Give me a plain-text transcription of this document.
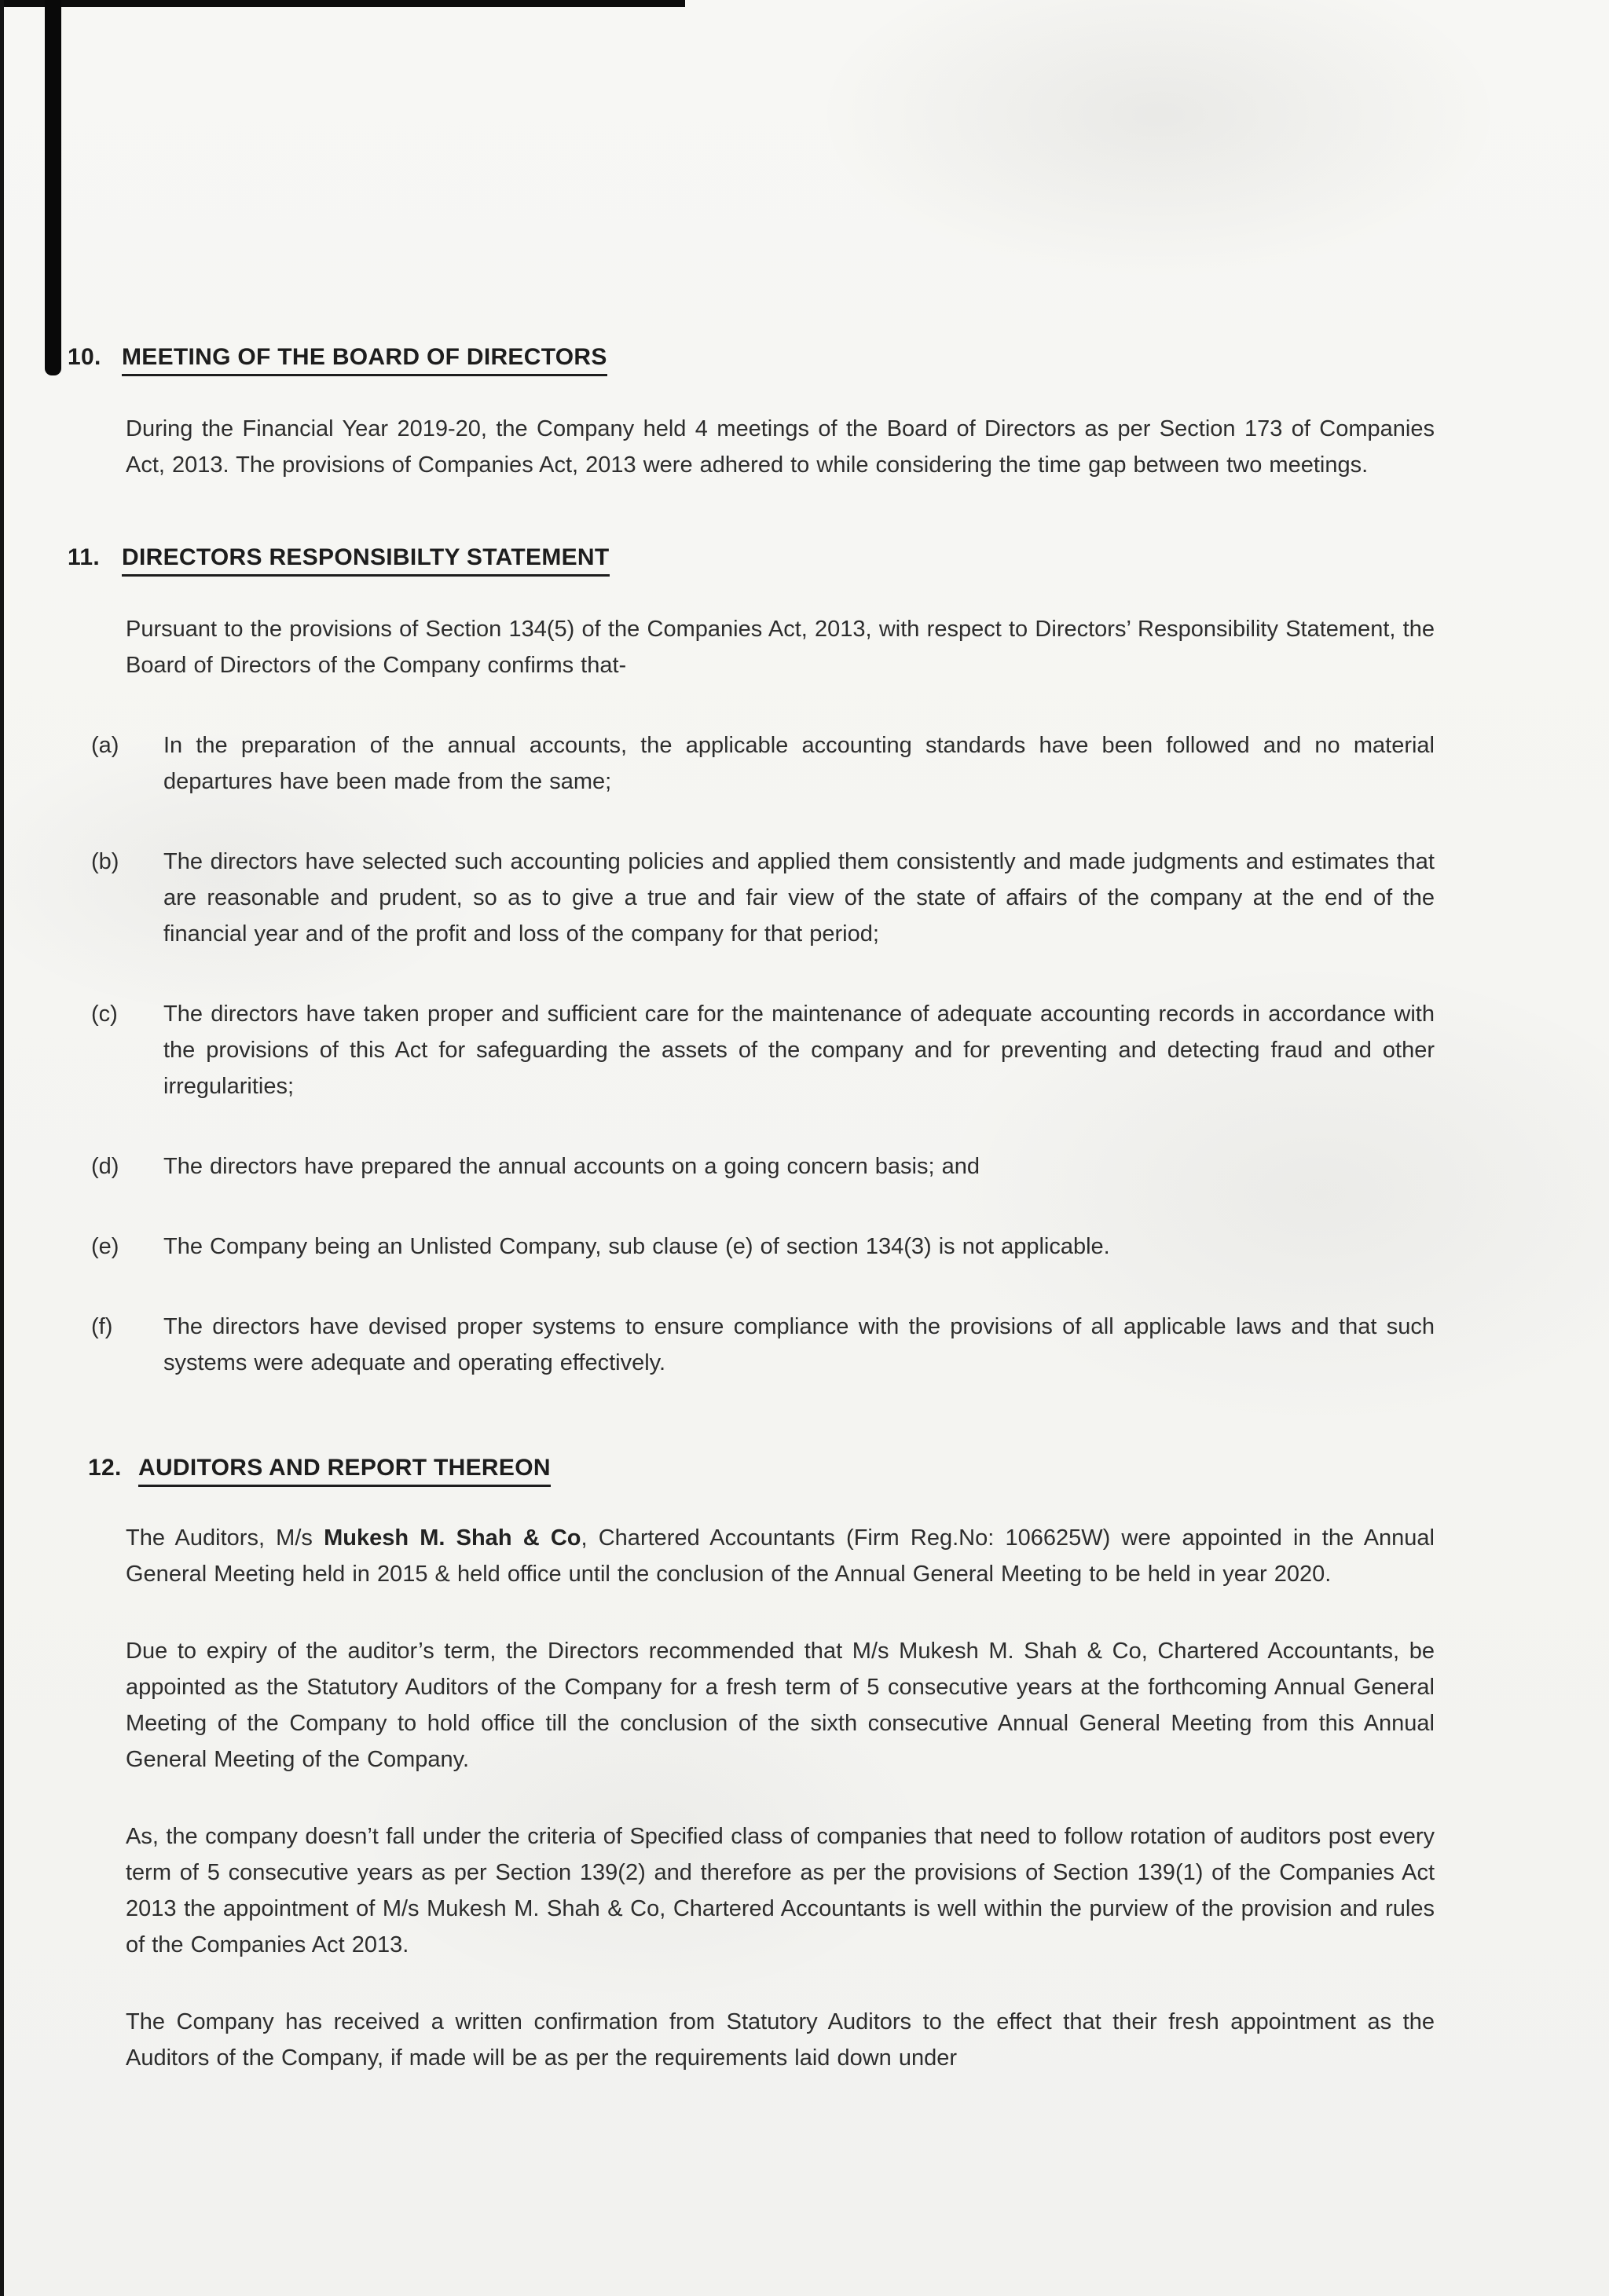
10. MEETING OF THE BOARD OF DIRECTORS

During the Financial Year 2019-20, the Company held 4 meetings of the Board of Directors as per Section 173 of Companies Act, 2013. The provisions of Companies Act, 2013 were adhered to while considering the time gap between two meetings.

11. DIRECTORS RESPONSIBILTY STATEMENT

Pursuant to the provisions of Section 134(5) of the Companies Act, 2013, with respect to Directors’ Responsibility Statement, the Board of Directors of the Company confirms that-

(a)	In the preparation of the annual accounts, the applicable accounting standards have been followed and no material departures have been made from the same;

(b)	The directors have selected such accounting policies and applied them consistently and made judgments and estimates that are reasonable and prudent, so as to give a true and fair view of the state of affairs of the company at the end of the financial year and of the profit and loss of the company for that period;

(c)	The directors have taken proper and sufficient care for the maintenance of adequate accounting records in accordance with the provisions of this Act for safeguarding the assets of the company and for preventing and detecting fraud and other irregularities;

(d)	The directors have prepared the annual accounts on a going concern basis; and

(e)	The Company being an Unlisted Company, sub clause (e) of section 134(3) is not applicable.

(f)	The directors have devised proper systems to ensure compliance with the provisions of all applicable laws and that such systems were adequate and operating effectively.

12. AUDITORS AND REPORT THEREON

The Auditors, M/s Mukesh M. Shah & Co, Chartered Accountants (Firm Reg.No: 106625W) were appointed in the Annual General Meeting held in 2015 & held office until the conclusion of the Annual General Meeting to be held in year 2020.

Due to expiry of the auditor’s term, the Directors recommended that M/s Mukesh M. Shah & Co, Chartered Accountants, be appointed as the Statutory Auditors of the Company for a fresh term of 5 consecutive years at the forthcoming Annual General Meeting of the Company to hold office till the conclusion of the sixth consecutive Annual General Meeting from this Annual General Meeting of the Company.

As, the company doesn’t fall under the criteria of Specified class of companies that need to follow rotation of auditors post every term of 5 consecutive years as per Section 139(2) and therefore as per the provisions of Section 139(1) of the Companies Act 2013 the appointment of M/s Mukesh M. Shah & Co, Chartered Accountants is well within the purview of the provision and rules of the Companies Act 2013.

The Company has received a written confirmation from Statutory Auditors to the effect that their fresh appointment as the Auditors of the Company, if made will be as per the requirements laid down under
